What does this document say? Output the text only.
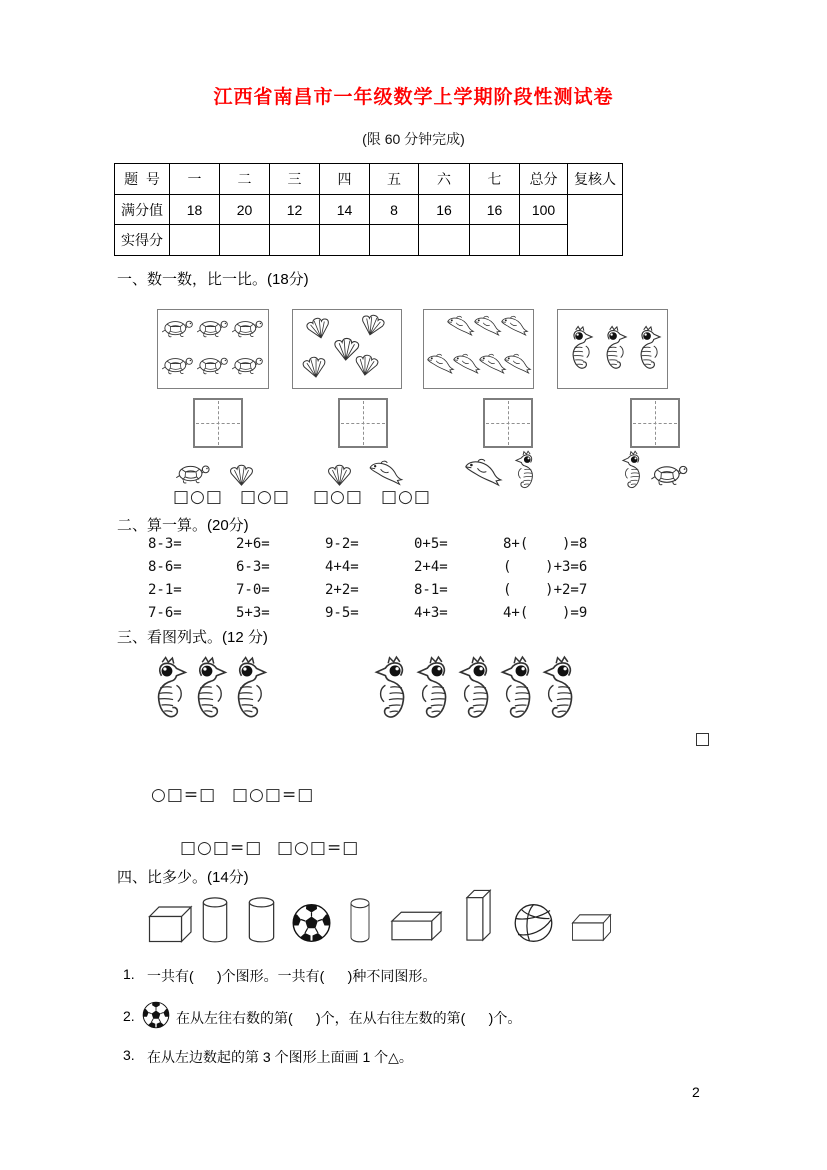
江西省南昌市一年级数学上学期阶段性测试卷
(限 60 分钟完成)
题  号	一	二	三	四	五	六	七	总分	复核人
满分值	18	20	12	14	8	16	16	100	
实得分									
一、数一数，比一比。(18分)
□○□ □○□ □○□ □○□
二、算一算。(20分)
8-3=	2+6=	9-2=	0+5=	8+(    )=8
8-6=	6-3=	4+4=	2+4=	(    )+3=6
2-1=	7-0=	2+2=	8-1=	(    )+2=7
7-6=	5+3=	9-5=	4+3=	4+(    )=9
三、看图列式。(12 分)
○□=□ □○□=□
□○□=□ □○□=□
四、比多少。(14分)
1. 一共有(      )个图形。一共有(      )种不同图形。
2.	在从左往右数的第(      )个，在从右往左数的第(      )个。
3. 在从左边数起的第 3 个图形上面画 1 个△。
2
